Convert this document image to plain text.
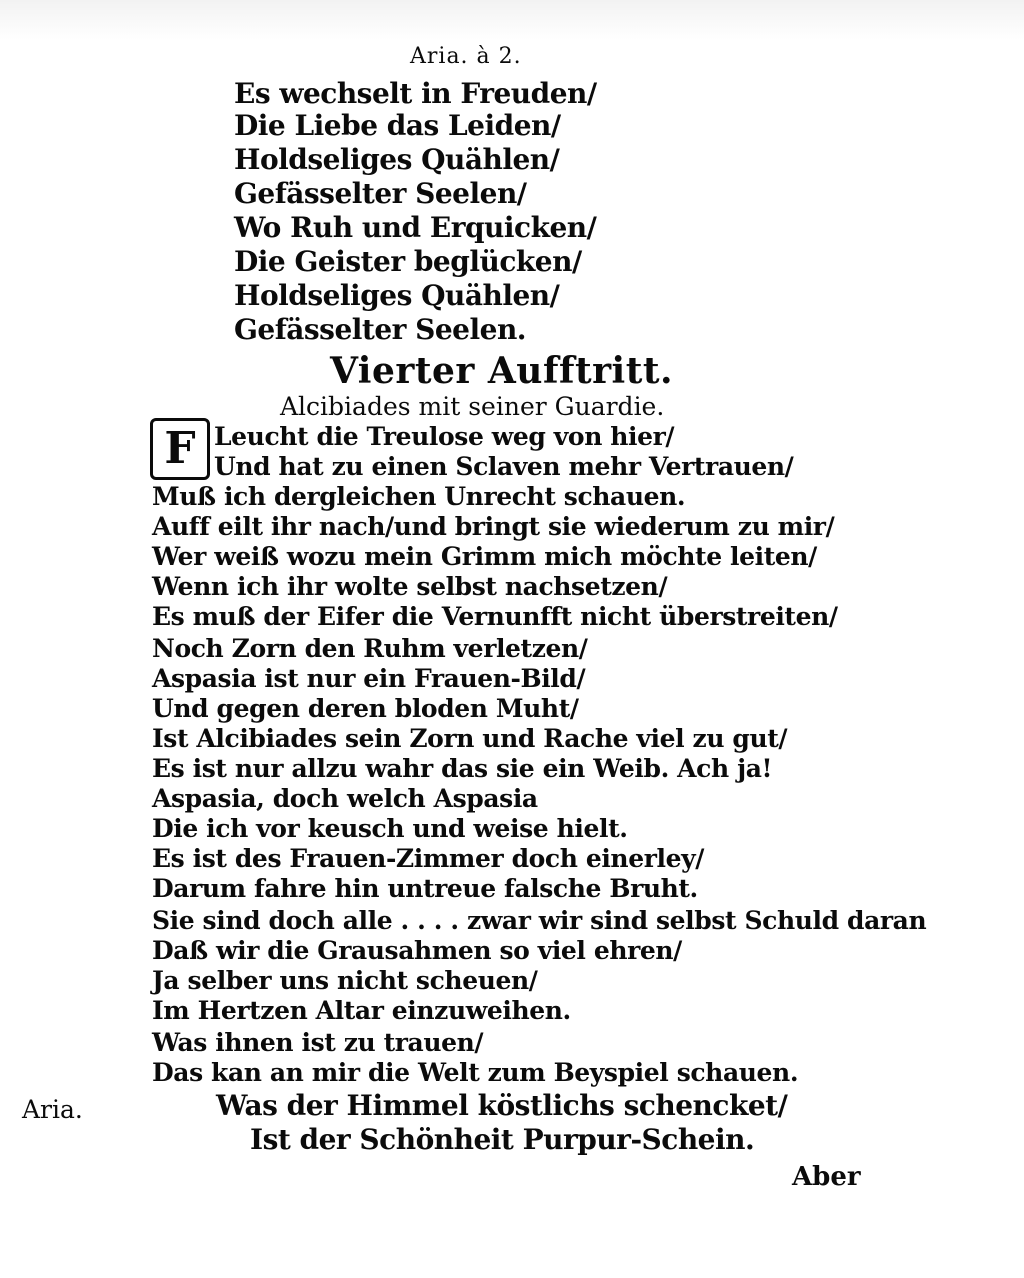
Aria. à 2.
Es wechselt in Freuden/
Die Liebe das Leiden/
Holdseliges Quählen/
Gefässelter Seelen/
Wo Ruh und Erquicken/
Die Geister beglücken/
Holdseliges Quählen/
Gefässelter Seelen.
Vierter Aufftritt.
Alcibiades mit seiner Guardie.
F Leucht die Treulose weg von hier/
Und hat zu einen Sclaven mehr Vertrauen/
Muß ich dergleichen Unrecht schauen.
Auff eilt ihr nach/und bringt sie wiederum zu mir/
Wer weiß wozu mein Grimm mich möchte leiten/
Wenn ich ihr wolte selbst nachsetzen/
Es muß der Eifer die Vernunfft nicht überstreiten/
Noch Zorn den Ruhm verletzen/
Aspasia ist nur ein Frauen-Bild/
Und gegen deren bloden Muht/
Ist Alcibiades sein Zorn und Rache viel zu gut/
Es ist nur allzu wahr das sie ein Weib. Ach ja!
Aspasia, doch welch Aspasia
Die ich vor keusch und weise hielt.
Es ist des Frauen-Zimmer doch einerley/
Darum fahre hin untreue falsche Bruht.
Sie sind doch alle . . . . zwar wir sind selbst Schuld daran
Daß wir die Grausahmen so viel ehren/
Ja selber uns nicht scheuen/
Im Hertzen Altar einzuweihen.
Was ihnen ist zu trauen/
Das kan an mir die Welt zum Beyspiel schauen.
Aria.	Was der Himmel köstlichs schencket/
Ist der Schönheit Purpur-Schein.
Aber
